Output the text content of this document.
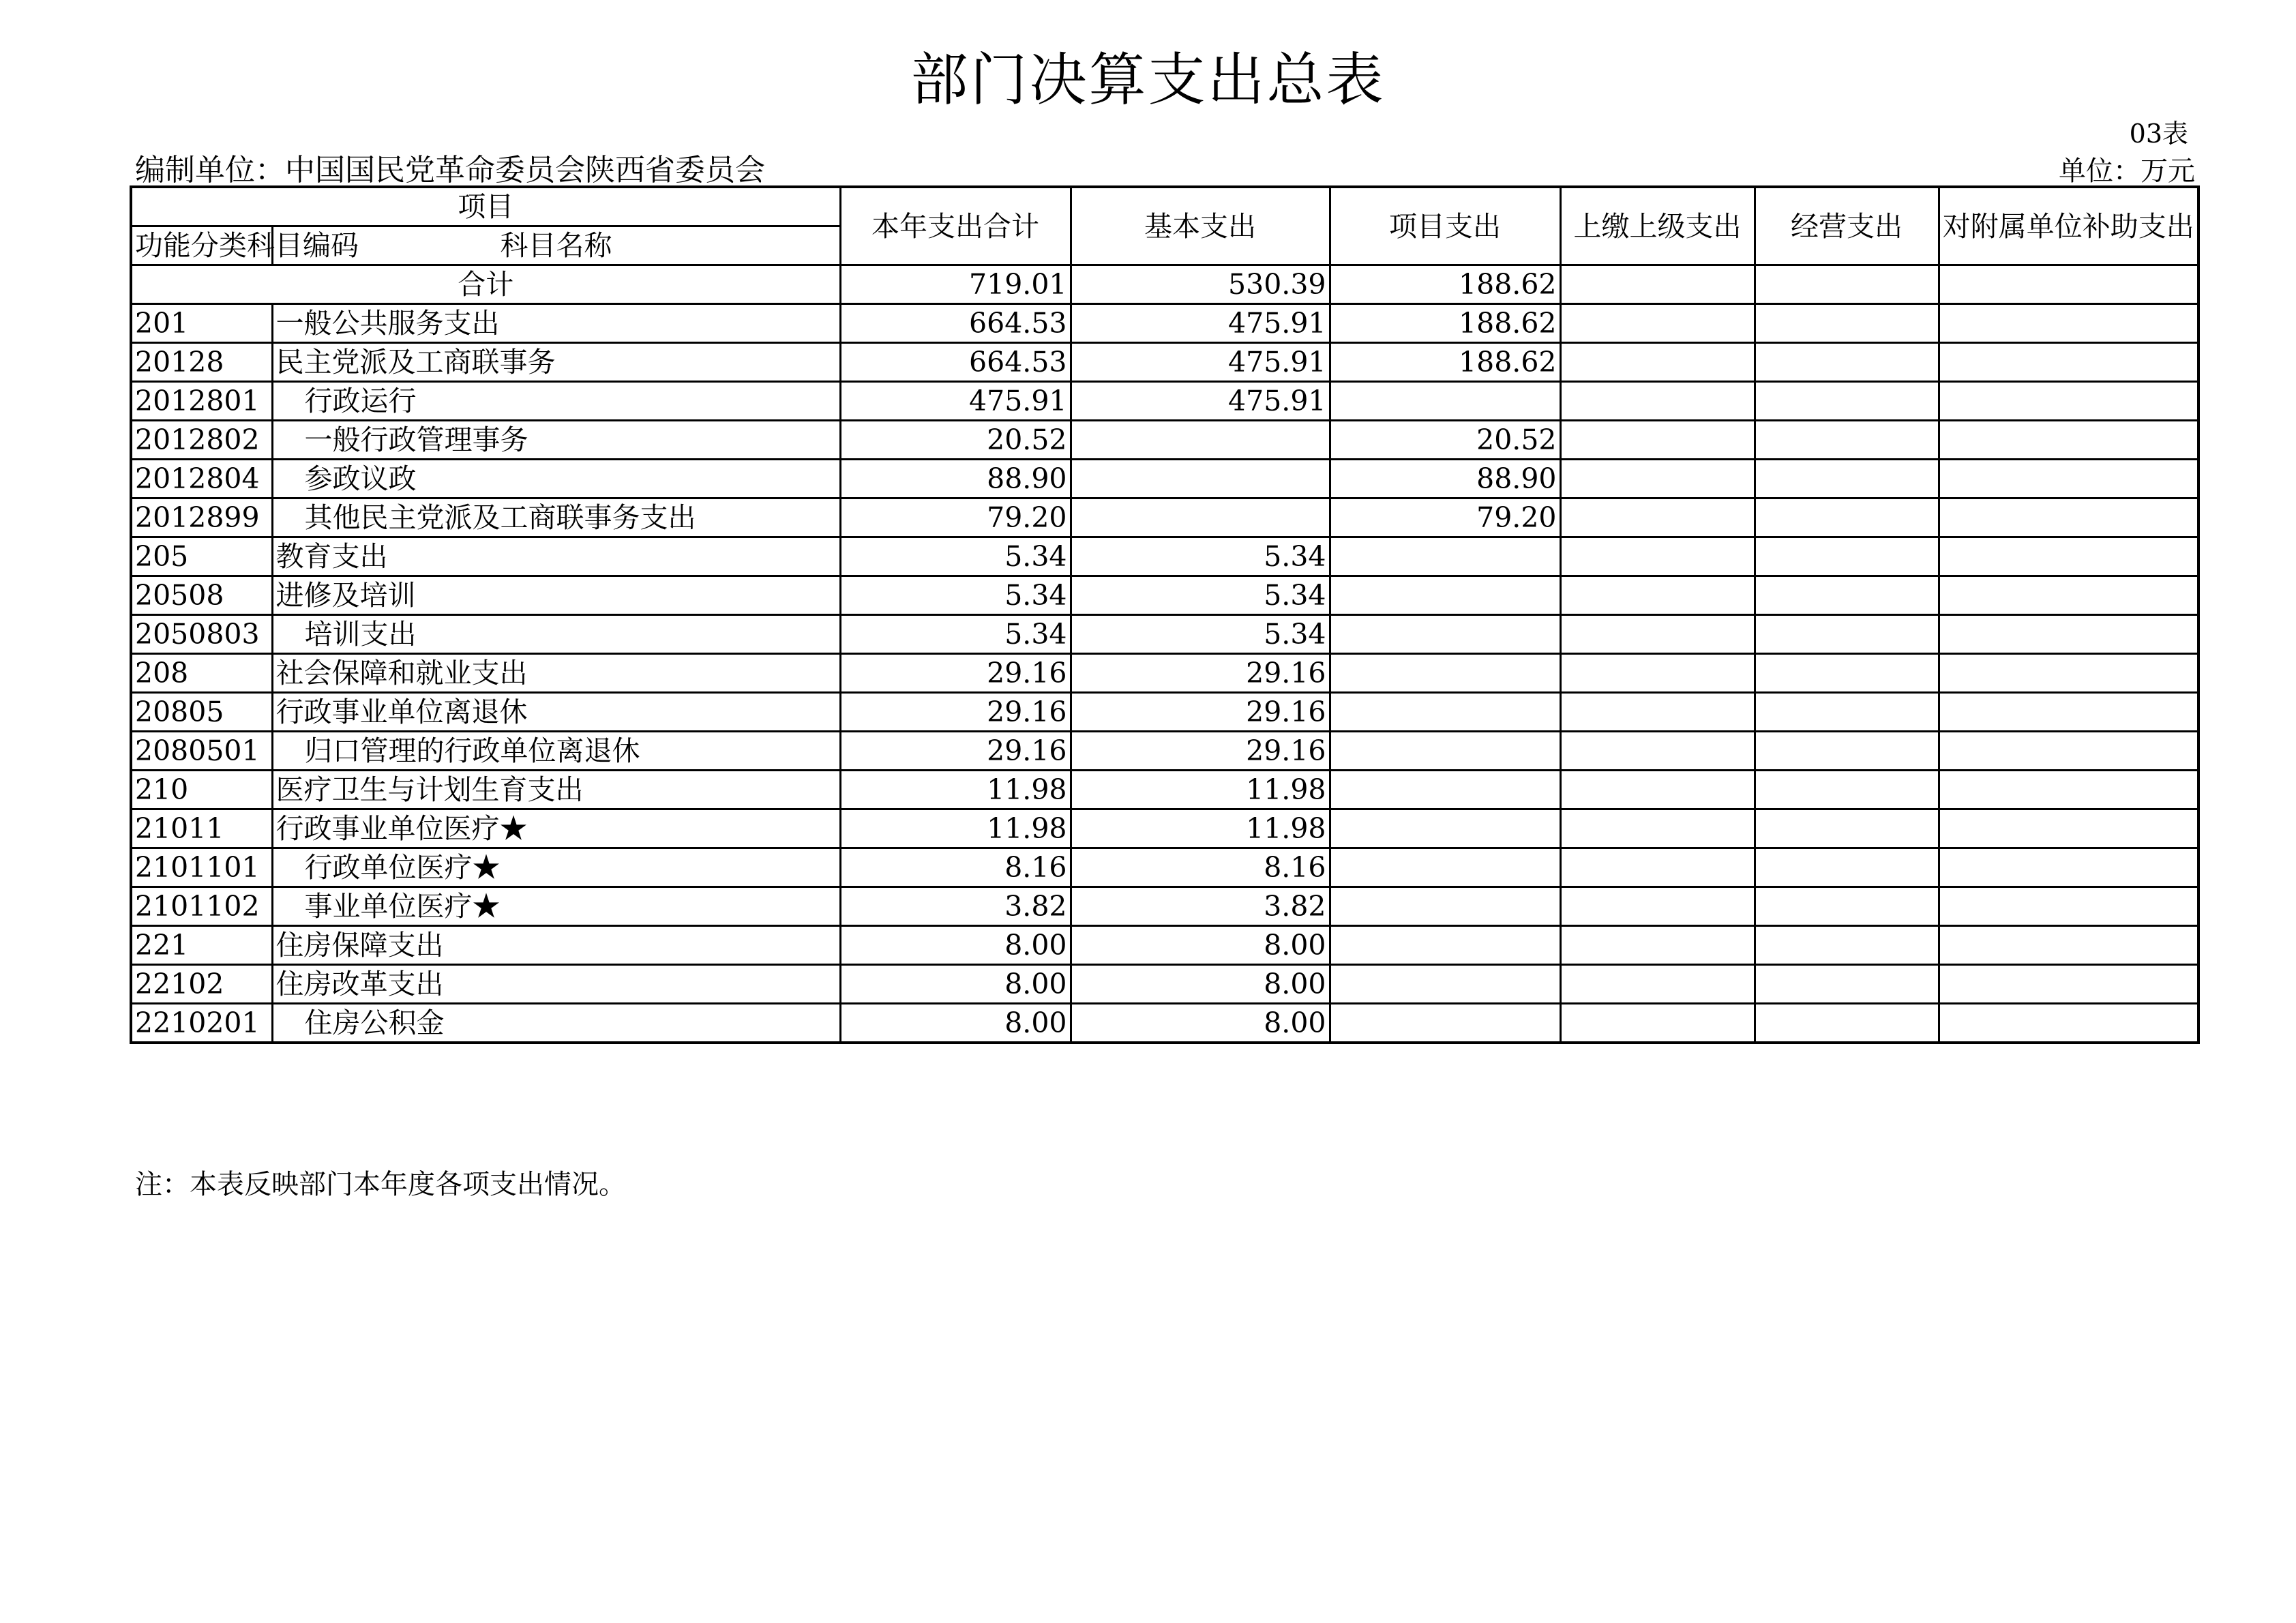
部门决算支出总表
03表
编制单位：中国国民党革命委员会陕西省委员会	单位：万元
项目		本年支出合计	基本支出	项目支出	上缴上级支出	经营支出	对附属单位补助支出
功能分类科目编码	科目名称						
合计		719.01	530.39	188.62			
201	一般公共服务支出	664.53	475.91	188.62			
20128	民主党派及工商联事务	664.53	475.91	188.62			
2012801	行政运行	475.91	475.91				
2012802	一般行政管理事务	20.52		20.52			
2012804	参政议政	88.90		88.90			
2012899	其他民主党派及工商联事务支出	79.20		79.20			
205	教育支出	5.34	5.34				
20508	进修及培训	5.34	5.34				
2050803	培训支出	5.34	5.34				
208	社会保障和就业支出	29.16	29.16				
20805	行政事业单位离退休	29.16	29.16				
2080501	归口管理的行政单位离退休	29.16	29.16				
210	医疗卫生与计划生育支出	11.98	11.98				
21011	行政事业单位医疗★	11.98	11.98				
2101101	行政单位医疗★	8.16	8.16				
2101102	事业单位医疗★	3.82	3.82				
221	住房保障支出	8.00	8.00				
22102	住房改革支出	8.00	8.00				
2210201	住房公积金	8.00	8.00				
注：本表反映部门本年度各项支出情况。
